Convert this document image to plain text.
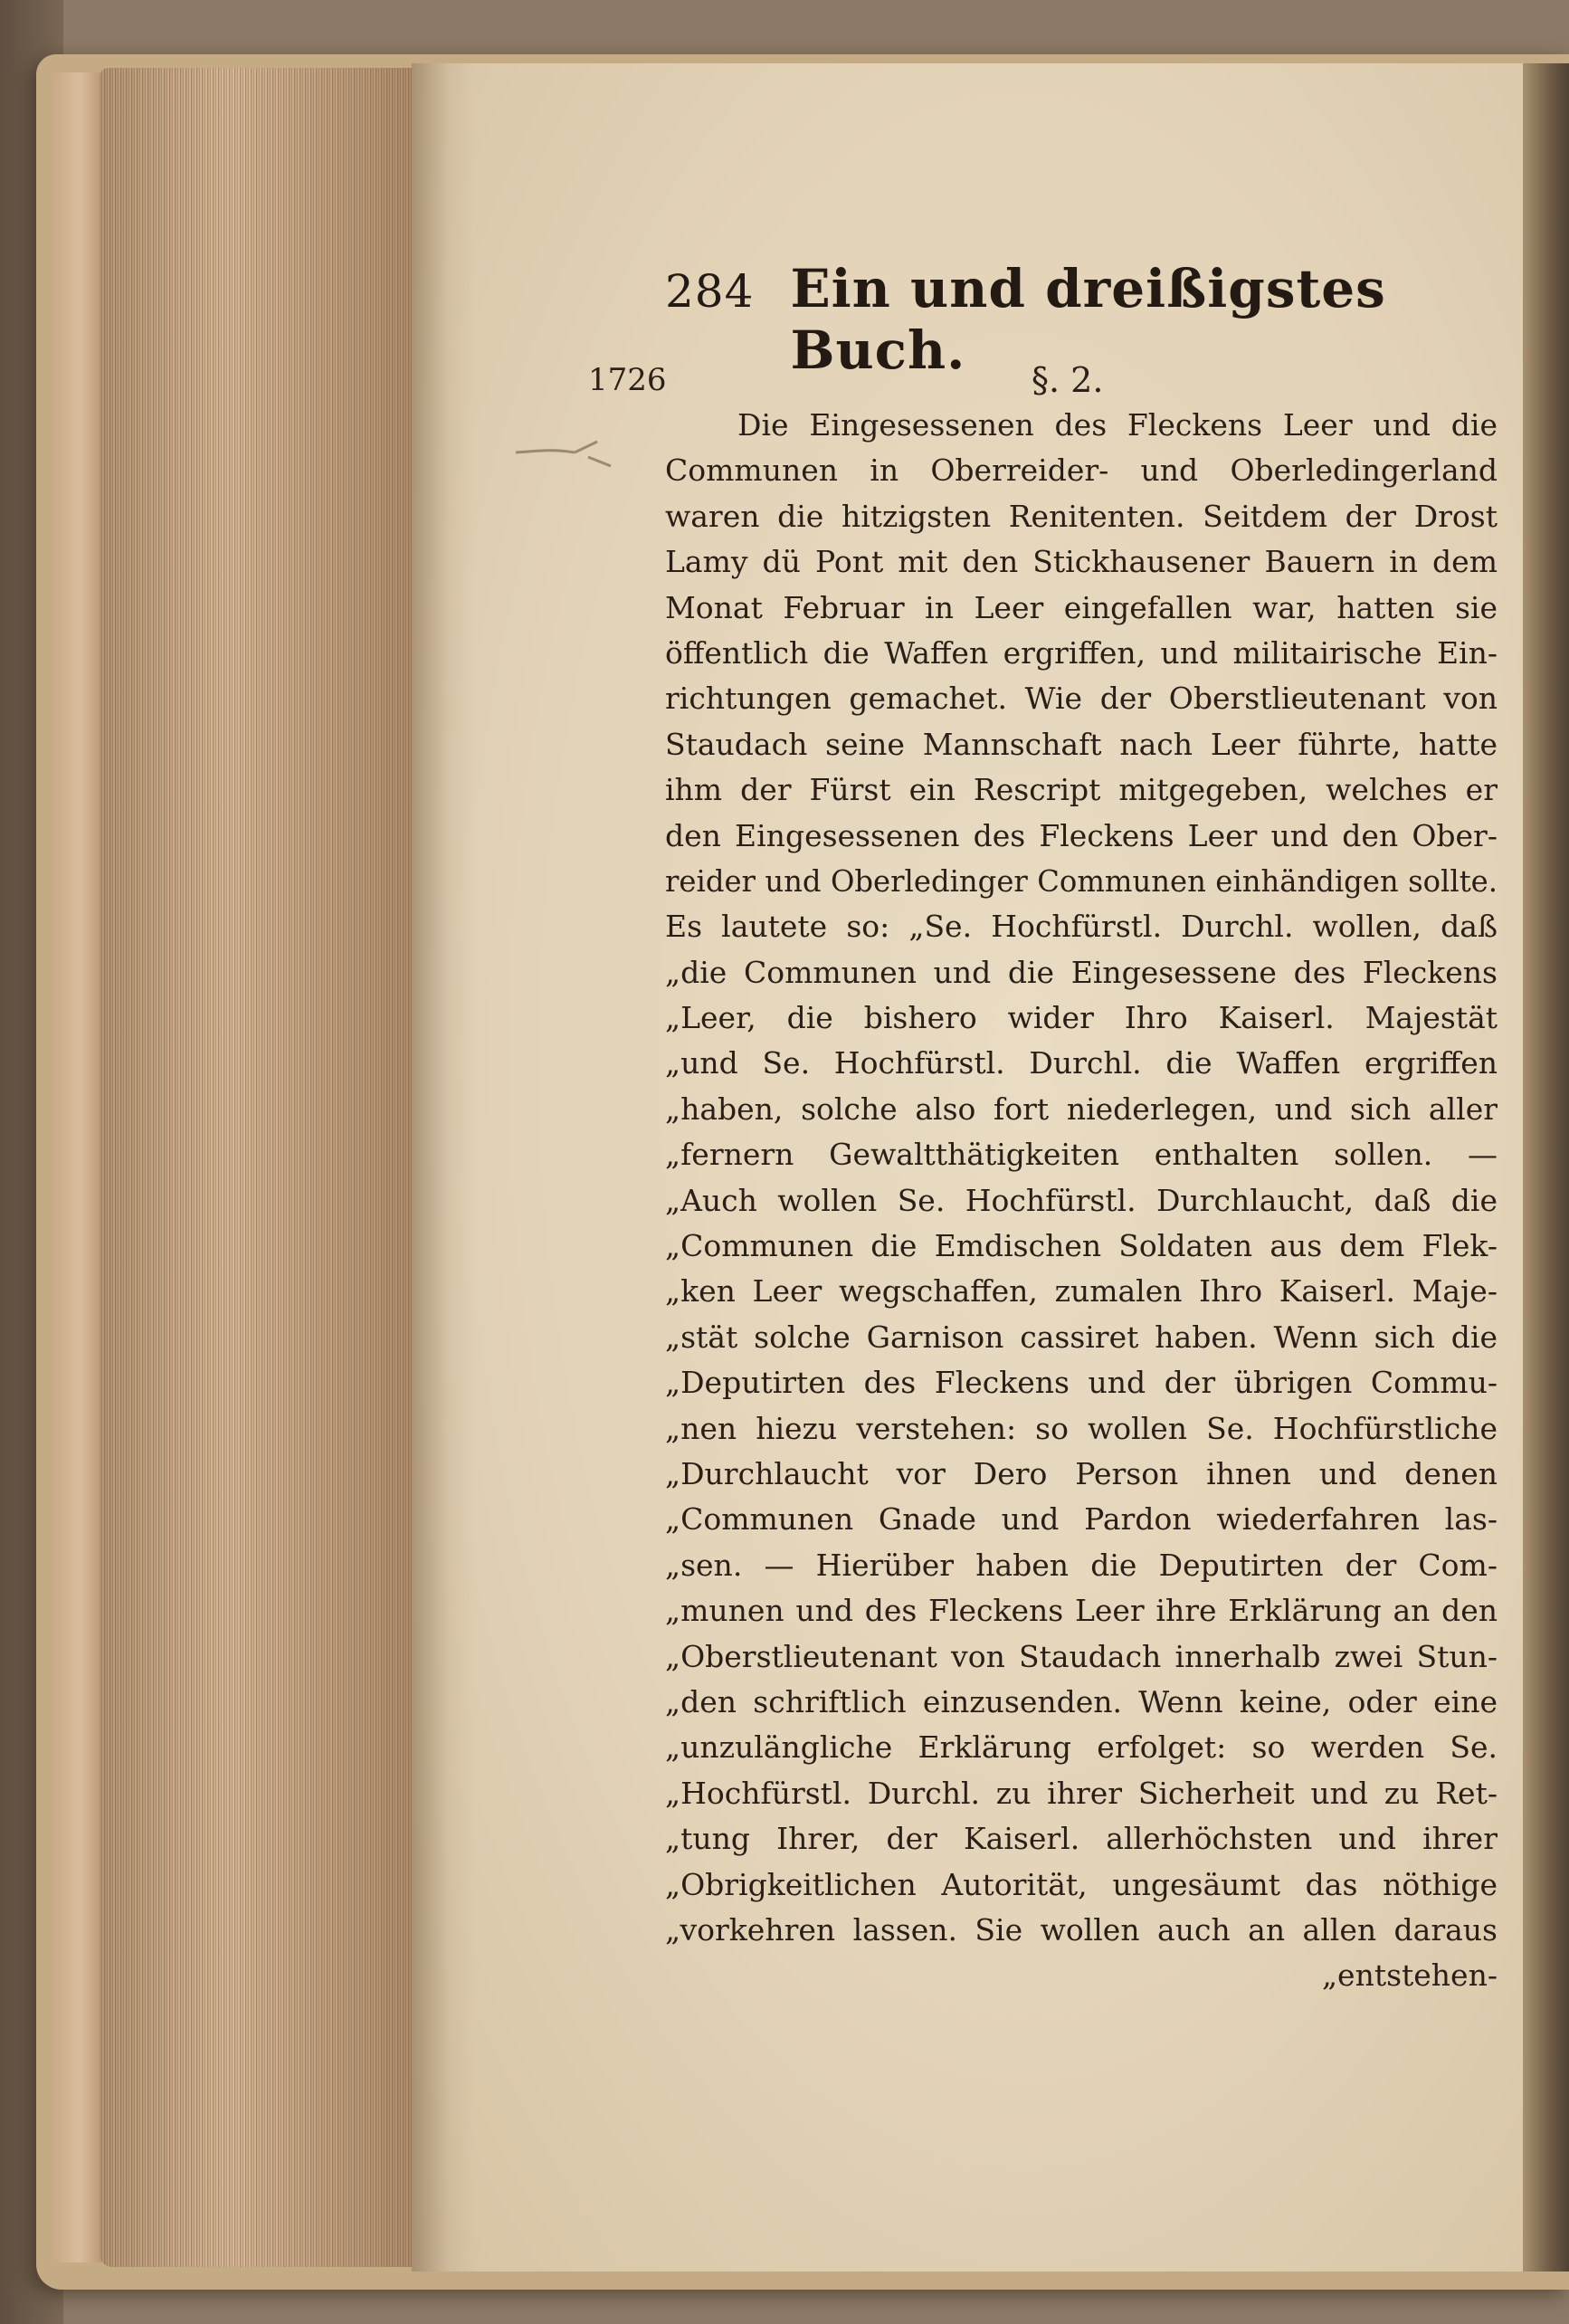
284 Ein und dreißigstes Buch.
1726	§. 2.
Die Eingesessenen des Fleckens Leer und die
Communen in Oberreider- und Oberledingerland
waren die hitzigsten Renitenten. Seitdem der Drost
Lamy dü Pont mit den Stickhausener Bauern in dem
Monat Februar in Leer eingefallen war, hatten sie
öffentlich die Waffen ergriffen, und militairische Ein-
richtungen gemachet. Wie der Oberstlieutenant von
Staudach seine Mannschaft nach Leer führte, hatte
ihm der Fürst ein Rescript mitgegeben, welches er
den Eingesessenen des Fleckens Leer und den Ober-
reider und Oberledinger Communen einhändigen sollte.
Es lautete so: „Se. Hochfürstl. Durchl. wollen, daß
„die Communen und die Eingesessene des Fleckens
„Leer, die bishero wider Ihro Kaiserl. Majestät
„und Se. Hochfürstl. Durchl. die Waffen ergriffen
„haben, solche also fort niederlegen, und sich aller
„fernern Gewaltthätigkeiten enthalten sollen. —
„Auch wollen Se. Hochfürstl. Durchlaucht, daß die
„Communen die Emdischen Soldaten aus dem Flek-
„ken Leer wegschaffen, zumalen Ihro Kaiserl. Maje-
„stät solche Garnison cassiret haben. Wenn sich die
„Deputirten des Fleckens und der übrigen Commu-
„nen hiezu verstehen: so wollen Se. Hochfürstliche
„Durchlaucht vor Dero Person ihnen und denen
„Communen Gnade und Pardon wiederfahren las-
„sen. — Hierüber haben die Deputirten der Com-
„munen und des Fleckens Leer ihre Erklärung an den
„Oberstlieutenant von Staudach innerhalb zwei Stun-
„den schriftlich einzusenden. Wenn keine, oder eine
„unzulängliche Erklärung erfolget: so werden Se.
„Hochfürstl. Durchl. zu ihrer Sicherheit und zu Ret-
„tung Ihrer, der Kaiserl. allerhöchsten und ihrer
„Obrigkeitlichen Autorität, ungesäumt das nöthige
„vorkehren lassen. Sie wollen auch an allen daraus
„entstehen-
